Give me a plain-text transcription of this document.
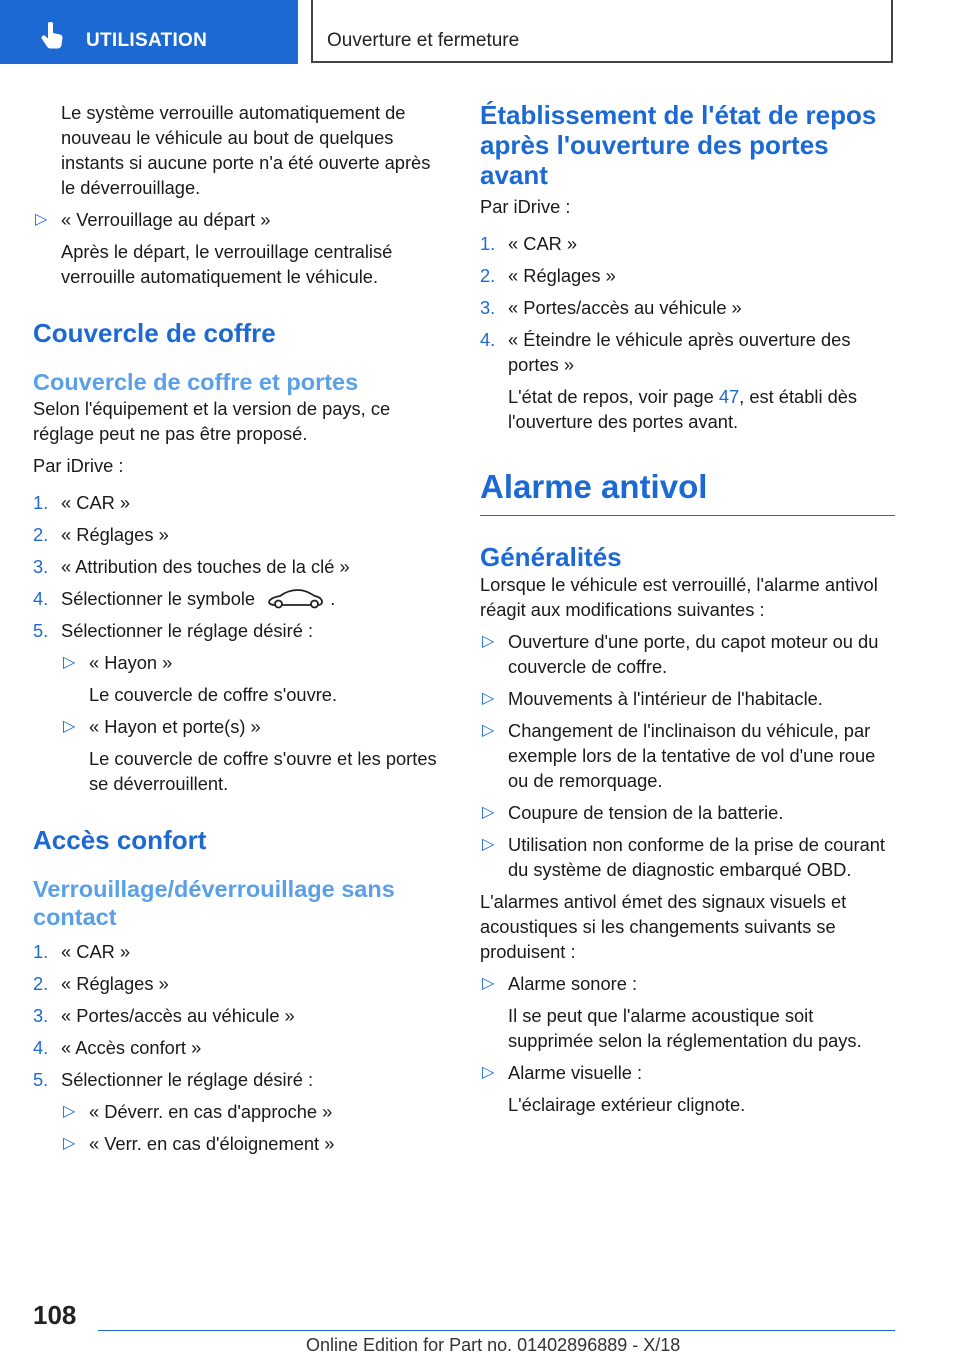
UTILISATION	Ouverture et fermeture

Le système verrouille automatiquement de nouveau le véhicule au bout de quelques instants si aucune porte n'a été ouverte après le déverrouillage.

▷ « Verrouillage au départ »

Après le départ, le verrouillage centralisé verrouille automatiquement le véhicule.

Couvercle de coffre
Couvercle de coffre et portes

Selon l'équipement et la version de pays, ce réglage peut ne pas être proposé.

Par iDrive :

1. « CAR »
2. « Réglages »
3. « Attribution des touches de la clé »
4. Sélectionner le symbole	.
5. Sélectionner le réglage désiré :
▷ « Hayon »

Le couvercle de coffre s'ouvre.

▷ « Hayon et porte(s) »

Le couvercle de coffre s'ouvre et les portes se déverrouillent.

Accès confort
Verrouillage/déverrouillage sans contact
1. « CAR »
2. « Réglages »
3. « Portes/accès au véhicule »
4. « Accès confort »
5. Sélectionner le réglage désiré :
▷ « Déverr. en cas d'approche »
▷ « Verr. en cas d'éloignement »
Établissement de l'état de repos après l'ouverture des portes avant

Par iDrive :

1. « CAR »
2. « Réglages »
3. « Portes/accès au véhicule »
4. « Éteindre le véhicule après ouverture des portes »

L'état de repos, voir page 47, est établi dès l'ouverture des portes avant.

Alarme antivol
Généralités

Lorsque le véhicule est verrouillé, l'alarme antivol réagit aux modifications suivantes :

▷ Ouverture d'une porte, du capot moteur ou du couvercle de coffre.
▷ Mouvements à l'intérieur de l'habitacle.
▷ Changement de l'inclinaison du véhicule, par exemple lors de la tentative de vol d'une roue ou de remorquage.
▷ Coupure de tension de la batterie.
▷ Utilisation non conforme de la prise de courant du système de diagnostic embarqué OBD.

L'alarmes antivol émet des signaux visuels et acoustiques si les changements suivants se produisent :

▷ Alarme sonore :

Il se peut que l'alarme acoustique soit supprimée selon la réglementation du pays.

▷ Alarme visuelle :

L'éclairage extérieur clignote.

108
Online Edition for Part no. 01402896889 - X/18
